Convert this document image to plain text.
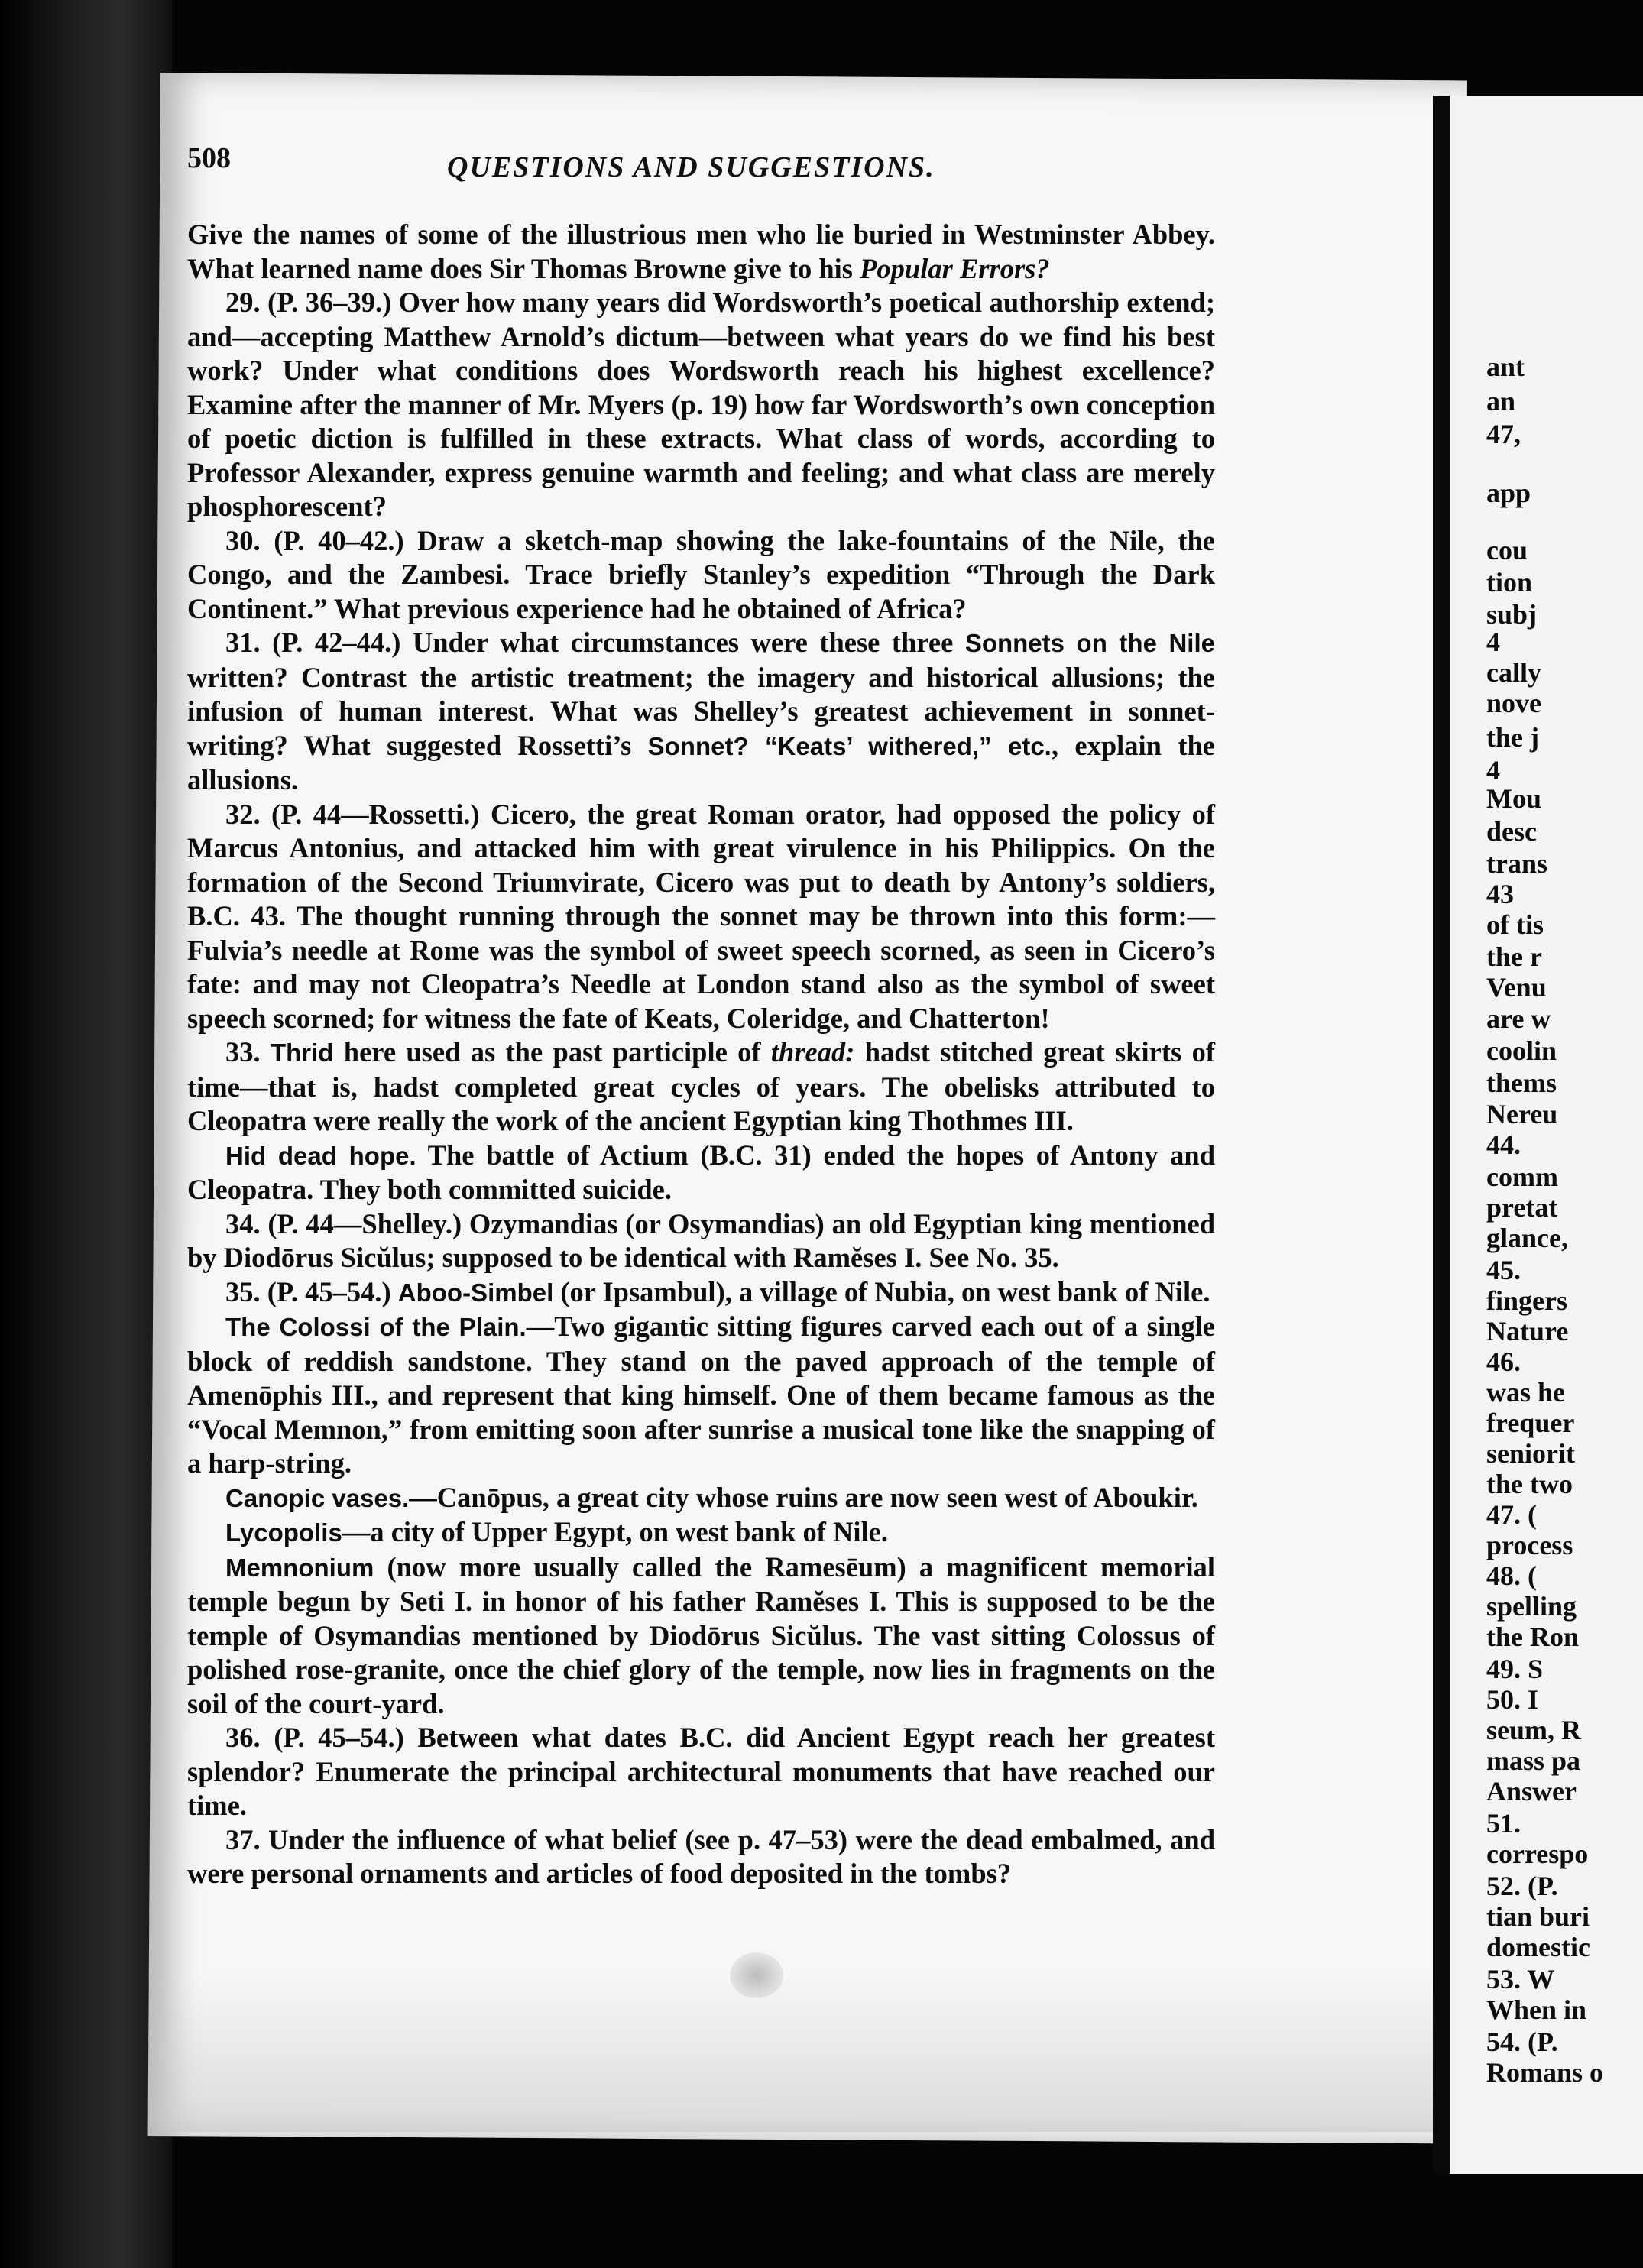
508	QUESTIONS AND SUGGESTIONS.

Give the names of some of the illustrious men who lie buried in Westminster Abbey. What learned name does Sir Thomas Browne give to his Popular Errors?

29. (P. 36–39.) Over how many years did Wordsworth’s poetical authorship extend; and—accepting Matthew Arnold’s dictum—between what years do we find his best work? Under what conditions does Wordsworth reach his highest excellence? Examine after the manner of Mr. Myers (p. 19) how far Wordsworth’s own conception of poetic diction is fulfilled in these extracts. What class of words, according to Professor Alexander, express genuine warmth and feeling; and what class are merely phosphorescent?

30. (P. 40–42.) Draw a sketch-map showing the lake-fountains of the Nile, the Congo, and the Zambesi. Trace briefly Stanley’s expedition “Through the Dark Continent.” What previous experience had he obtained of Africa?

31. (P. 42–44.) Under what circumstances were these three Sonnets on the Nile written? Contrast the artistic treatment; the imagery and historical allusions; the infusion of human interest. What was Shelley’s greatest achievement in sonnet-writing? What suggested Rossetti’s Sonnet? “Keats’ withered,” etc., explain the allusions.

32. (P. 44—Rossetti.) Cicero, the great Roman orator, had opposed the policy of Marcus Antonius, and attacked him with great virulence in his Philippics. On the formation of the Second Triumvirate, Cicero was put to death by Antony’s soldiers, B.C. 43. The thought running through the sonnet may be thrown into this form:—Fulvia’s needle at Rome was the symbol of sweet speech scorned, as seen in Cicero’s fate: and may not Cleopatra’s Needle at London stand also as the symbol of sweet speech scorned; for witness the fate of Keats, Coleridge, and Chatterton!

33. Thrid here used as the past participle of thread: hadst stitched great skirts of time—that is, hadst completed great cycles of years. The obelisks attributed to Cleopatra were really the work of the ancient Egyptian king Thothmes III.

Hid dead hope. The battle of Actium (B.C. 31) ended the hopes of Antony and Cleopatra. They both committed suicide.

34. (P. 44—Shelley.) Ozymandias (or Osymandias) an old Egyptian king mentioned by Diodōrus Sicŭlus; supposed to be identical with Ramĕses I. See No. 35.

35. (P. 45–54.) Aboo-Simbel (or Ipsambul), a village of Nubia, on west bank of Nile.

The Colossi of the Plain.—Two gigantic sitting figures carved each out of a single block of reddish sandstone. They stand on the paved approach of the temple of Amenōphis III., and represent that king himself. One of them became famous as the “Vocal Memnon,” from emitting soon after sunrise a musical tone like the snapping of a harp-string.

Canopic vases.—Canōpus, a great city whose ruins are now seen west of Aboukir.

Lycopolis—a city of Upper Egypt, on west bank of Nile.

Memnonium (now more usually called the Ramesēum) a magnificent memorial temple begun by Seti I. in honor of his father Ramĕses I. This is supposed to be the temple of Osymandias mentioned by Diodōrus Sicŭlus. The vast sitting Colossus of polished rose-granite, once the chief glory of the temple, now lies in fragments on the soil of the court-yard.

36. (P. 45–54.) Between what dates B.C. did Ancient Egypt reach her greatest splendor? Enumerate the principal architectural monuments that have reached our time.

37. Under the influence of what belief (see p. 47–53) were the dead embalmed, and were personal ornaments and articles of food deposited in the tombs?

ant
an
47,
app
cou
tion
subj
4
cally
nove
the j
4
Mou
desc
trans
43
of tis
the r
Venu
are w
coolin
thems
Nereu
44.
comm
pretat
glance,
45.
fingers
Nature
46.
was he
frequer
seniorit
the two
47. (
process
48. (
spelling
the Ron
49. S
50. I
seum, R
mass pa
Answer
51.
correspo
52. (P.
tian buri
domestic
53. W
When in
54. (P.
Romans o
